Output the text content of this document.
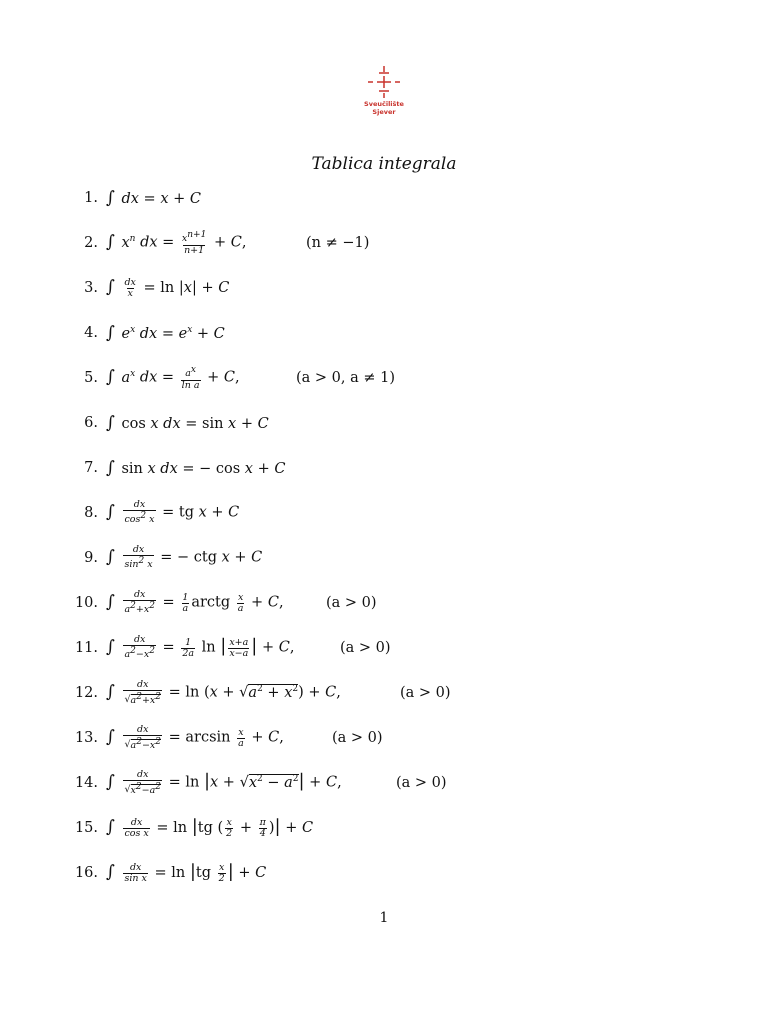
Sveučilište
Sjever
Tablica integrala
1. ∫ dx = x + C
2. ∫ $x^n$ dx = $\frac{x^{n+1}}{n+1} + C$,	(n ≠ −1)
3. ∫ $\frac{dx}{x} = \ln |x| + C$
4. ∫ $e^x$ dx = $e^x + C$
5. ∫ $a^x$ dx = $\frac{a^x}{\text{ln a}} + C$,	(a > 0, a ≠ 1)
6. ∫ cos x dx = sin x + C
7. ∫ sin x dx = − cos x + C
8. ∫ $\frac{dx}{\cos^2 x}$ = tg x + C
9. ∫ $\frac{dx}{\sin^2 x}$ = − ctg x + C
10. ∫ $\frac{dx}{a^2+x^2} = \frac{1}{a}$ arctg $\frac{x}{a} + C$,	(a > 0)
11. ∫ $\frac{dx}{a^2-x^2} = \frac{1}{2a}$ ln | $\frac{x+a}{x-a}$ | + C,	(a > 0)
12. ∫ $\frac{dx}{√a^2+x^2} = \ln (x + √a^2 + x^2) + C$,	(a > 0)
13. ∫ $\frac{dx}{√a^2-x^2} = \arcsin \frac{x}{a} + C$,	(a > 0)
14. ∫ $\frac{dx}{√x^2-a^2} = \ln |x + √x^2 - a^2| + C$,	(a > 0)
15. ∫ $\frac{dx}{\text{cos x}} = \ln |tg$ ( $\frac{x}{2} + \frac{\pi}{4}$ )| + C
16. ∫ $\frac{dx}{\text{sin x}} = \ln |tg \frac{x}{2}$ | + C
1
